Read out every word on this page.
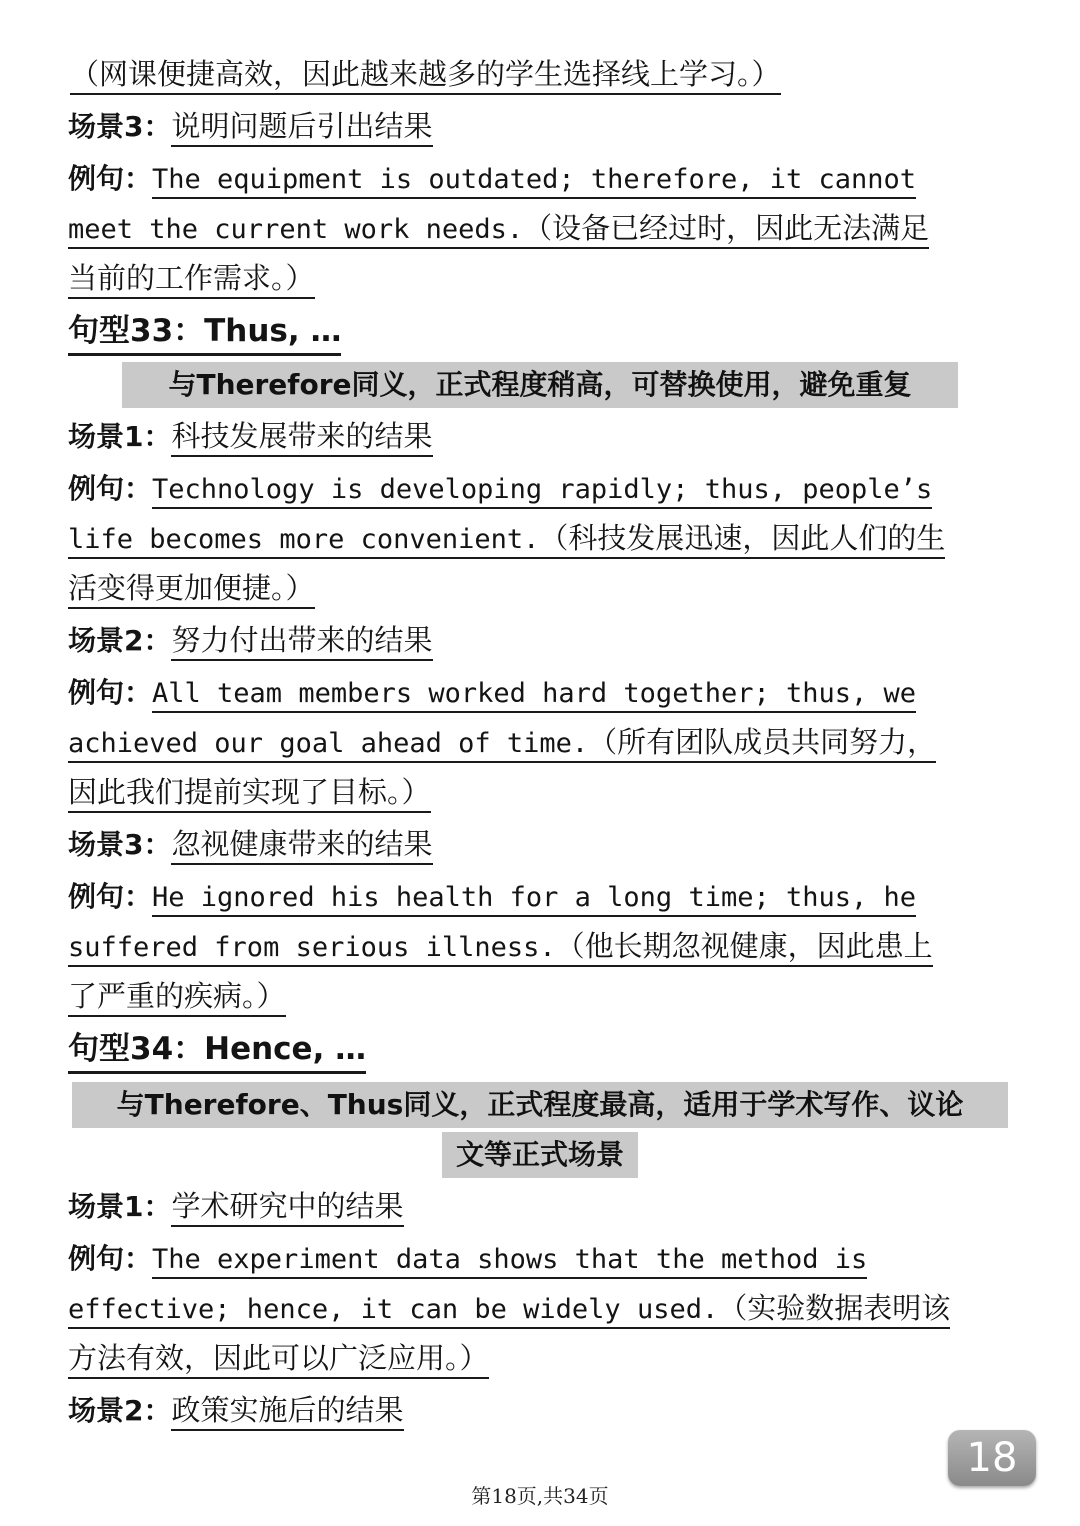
（网课便捷高效，因此越来越多的学生选择线上学习。）
场景3：说明问题后引出结果
例句：The equipment is outdated; therefore, it cannot
meet the current work needs.（设备已经过时，因此无法满足
当前的工作需求。）
句型33：Thus, …
与Therefore同义，正式程度稍高，可替换使用，避免重复
场景1：科技发展带来的结果
例句：Technology is developing rapidly; thus, people’s
life becomes more convenient.（科技发展迅速，因此人们的生
活变得更加便捷。）
场景2：努力付出带来的结果
例句：All team members worked hard together; thus, we
achieved our goal ahead of time.（所有团队成员共同努力，
因此我们提前实现了目标。）
场景3：忽视健康带来的结果
例句：He ignored his health for a long time; thus, he
suffered from serious illness.（他长期忽视健康，因此患上
了严重的疾病。）
句型34：Hence, …
与Therefore、Thus同义，正式程度最高，适用于学术写作、议论
文等正式场景
场景1：学术研究中的结果
例句：The experiment data shows that the method is
effective; hence, it can be widely used.（实验数据表明该
方法有效，因此可以广泛应用。）
场景2：政策实施后的结果
18
第18页,共34页
